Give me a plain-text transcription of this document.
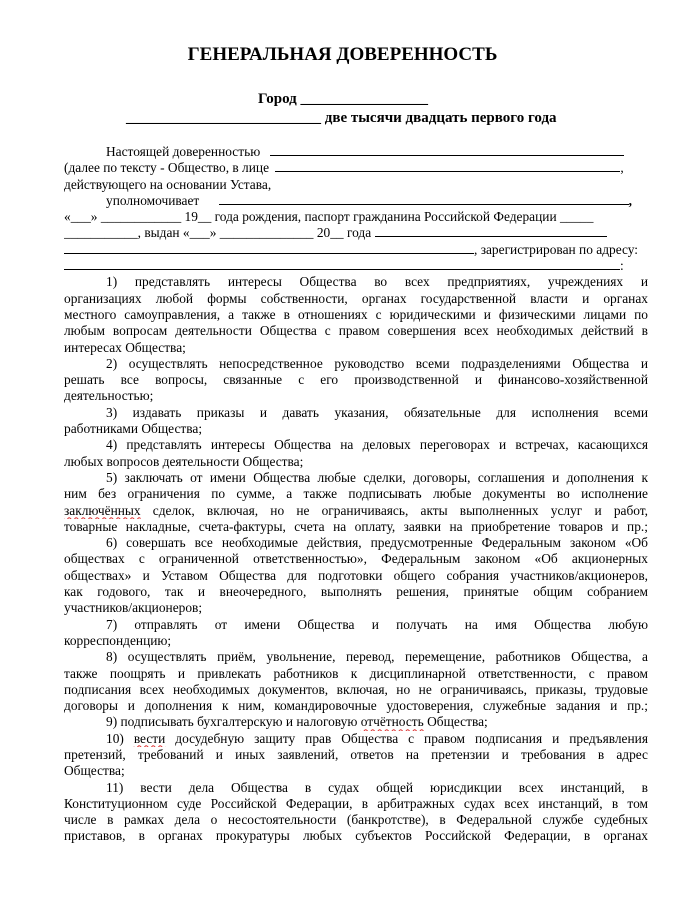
ГЕНЕРАЛЬНАЯ ДОВЕРЕННОСТЬ
Город _________________
__________________________ две тысячи двадцать первого года
Настоящей доверенностью
(далее по тексту - Общество, в лице	,
действующего на основании Устава,
уполномочивает	,
«___» ____________ 19__ года рождения, паспорт гражданина Российской Федерации _____
___________, выдан «___» ______________ 20__ года
, зарегистрирован по адресу:
:
1) представлять интересы Общества во всех предприятиях, учреждениях и
организациях любой формы собственности, органах государственной власти и органах
местного самоуправления, а также в отношениях с юридическими и физическими лицами по
любым вопросам деятельности Общества с правом совершения всех необходимых действий в
интересах Общества;
2) осуществлять непосредственное руководство всеми подразделениями Общества и
решать все вопросы, связанные с его производственной и финансово-хозяйственной
деятельностью;
3) издавать приказы и давать указания, обязательные для исполнения всеми
работниками Общества;
4) представлять интересы Общества на деловых переговорах и встречах, касающихся
любых вопросов деятельности Общества;
5) заключать от имени Общества любые сделки, договоры, соглашения и дополнения к
ним без ограничения по сумме, а также подписывать любые документы во исполнение
заключённых сделок, включая, но не ограничиваясь, акты выполненных услуг и работ,
товарные накладные, счета-фактуры, счета на оплату, заявки на приобретение товаров и пр.;
6) совершать все необходимые действия, предусмотренные Федеральным законом «Об
обществах с ограниченной ответственностью», Федеральным законом «Об акционерных
обществах» и Уставом Общества для подготовки общего собрания участников/акционеров,
как годового, так и внеочередного, выполнять решения, принятые общим собранием
участников/акционеров;
7) отправлять от имени Общества и получать на имя Общества любую
корреспонденцию;
8) осуществлять приём, увольнение, перевод, перемещение, работников Общества, а
также поощрять и привлекать работников к дисциплинарной ответственности, с правом
подписания всех необходимых документов, включая, но не ограничиваясь, приказы, трудовые
договоры и дополнения к ним, командировочные удостоверения, служебные задания и пр.;
9) подписывать бухгалтерскую и налоговую отчётность Общества;
10) вести досудебную защиту прав Общества с правом подписания и предъявления
претензий, требований и иных заявлений, ответов на претензии и требования в адрес
Общества;
11) вести дела Общества в судах общей юрисдикции всех инстанций, в
Конституционном суде Российской Федерации, в арбитражных судах всех инстанций, в том
числе в рамках дела о несостоятельности (банкротстве), в Федеральной службе судебных
приставов, в органах прокуратуры любых субъектов Российской Федерации, в органах
